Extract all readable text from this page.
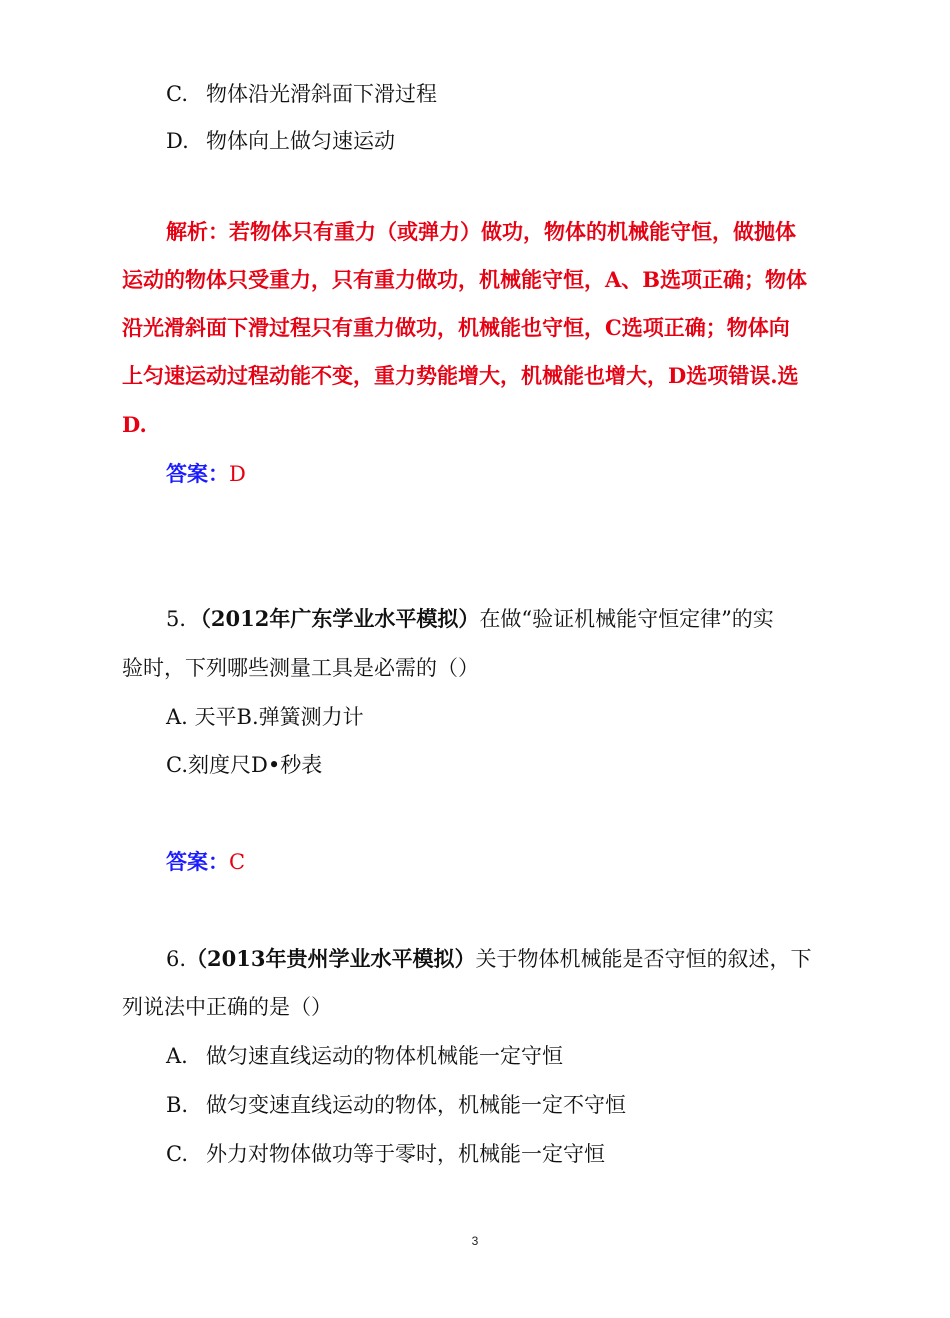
C. 物体沿光滑斜面下滑过程
D. 物体向上做匀速运动
解析：若物体只有重力（或弹力）做功，物体的机械能守恒，做抛体
运动的物体只受重力，只有重力做功，机械能守恒，A、B选项正确；物体
沿光滑斜面下滑过程只有重力做功，机械能也守恒，C选项正确；物体向
上匀速运动过程动能不变，重力势能增大，机械能也增大，D选项错误.选
D.
答案：D
5．（2012年广东学业水平模拟）在做“验证机械能守恒定律”的实
验时，下列哪些测量工具是必需的（）
A. 天平B.弹簧测力计
C.刻度尺D•秒表
答案：C
6.（2013年贵州学业水平模拟）关于物体机械能是否守恒的叙述，下
列说法中正确的是（）
A. 做匀速直线运动的物体机械能一定守恒
B. 做匀变速直线运动的物体，机械能一定不守恒
C. 外力对物体做功等于零时，机械能一定守恒
3
